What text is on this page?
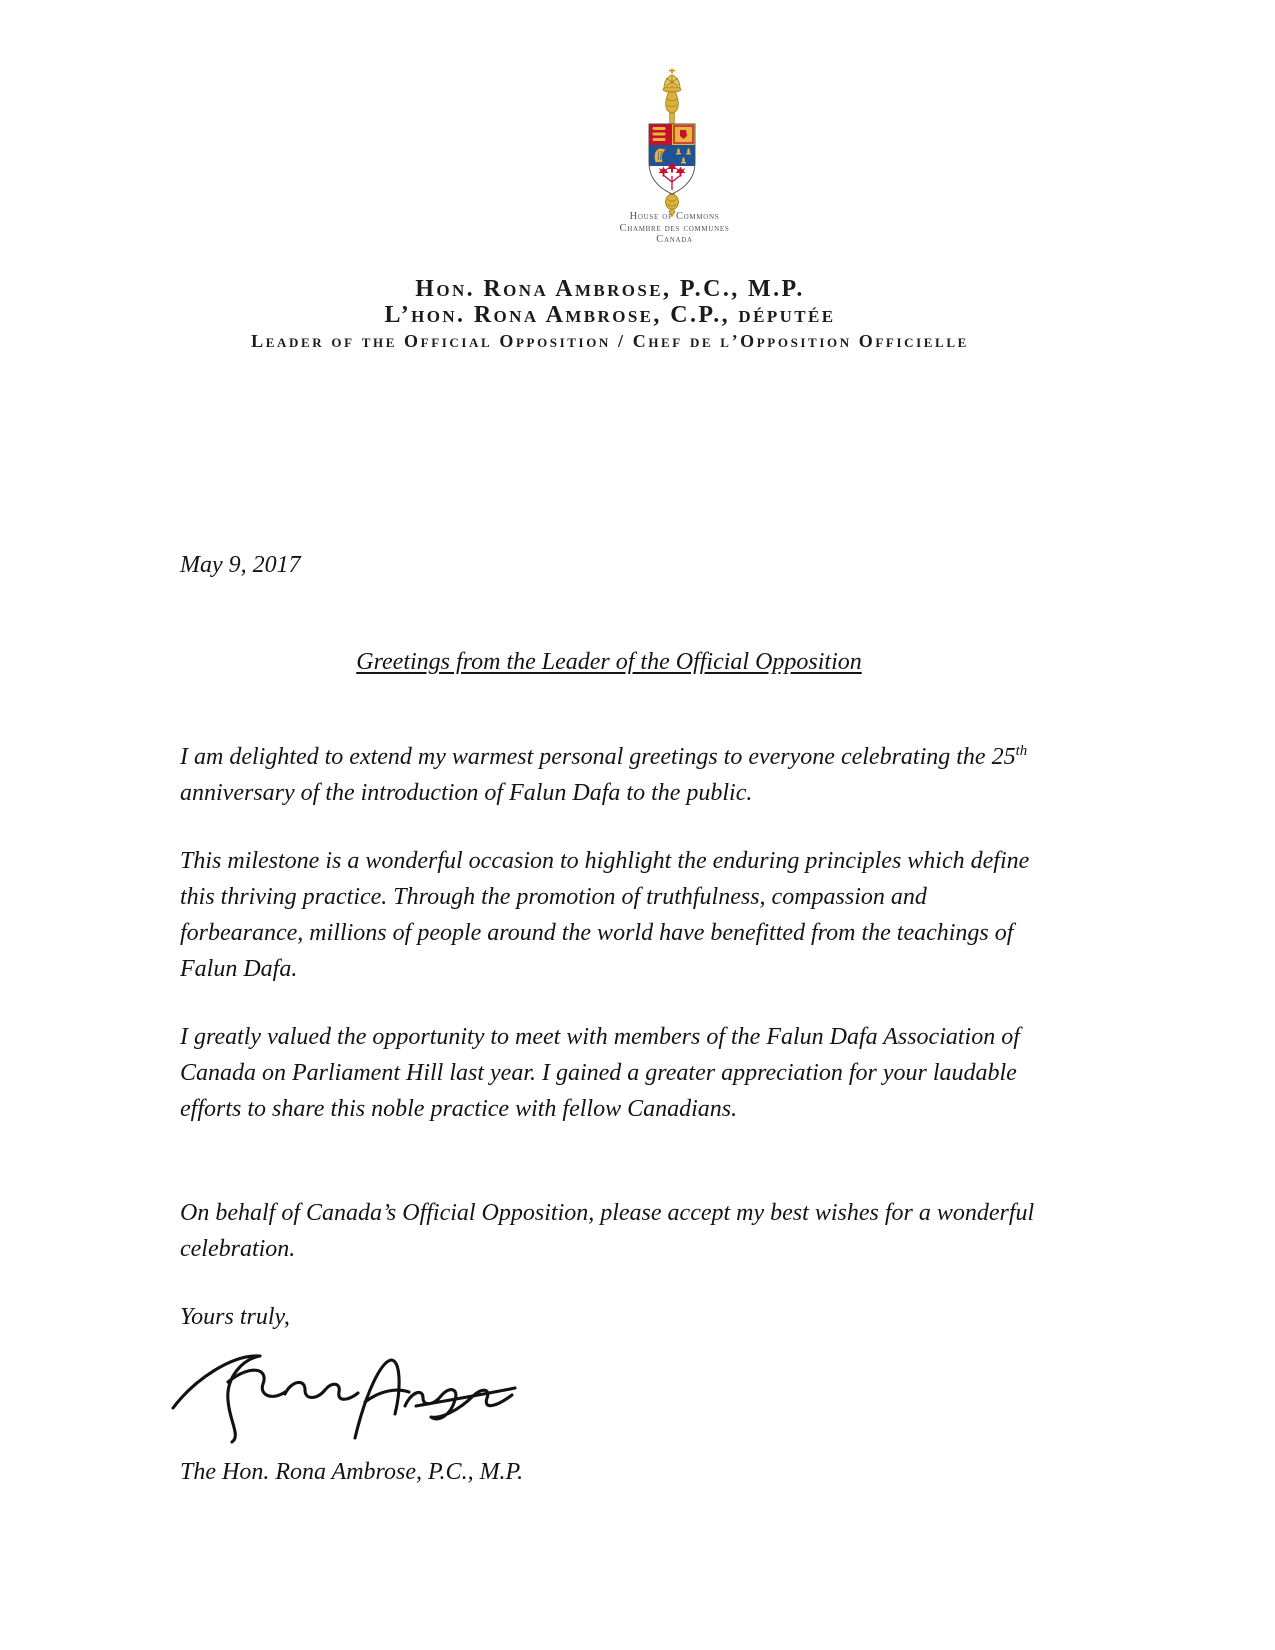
House of Commons
Chambre des communes
Canada
Hon. Rona Ambrose, P.C., M.P.
L’hon. Rona Ambrose, C.P., députée
Leader of the Official Opposition / Chef de l’Opposition Officielle
May 9, 2017
Greetings from the Leader of the Official Opposition
I am delighted to extend my warmest personal greetings to everyone celebrating the 25th anniversary of the introduction of Falun Dafa to the public.
This milestone is a wonderful occasion to highlight the enduring principles which define this thriving practice. Through the promotion of truthfulness, compassion and forbearance, millions of people around the world have benefitted from the teachings of Falun Dafa.
I greatly valued the opportunity to meet with members of the Falun Dafa Association of Canada on Parliament Hill last year. I gained a greater appreciation for your laudable efforts to share this noble practice with fellow Canadians.
On behalf of Canada’s Official Opposition, please accept my best wishes for a wonderful celebration.
Yours truly,
The Hon. Rona Ambrose, P.C., M.P.
